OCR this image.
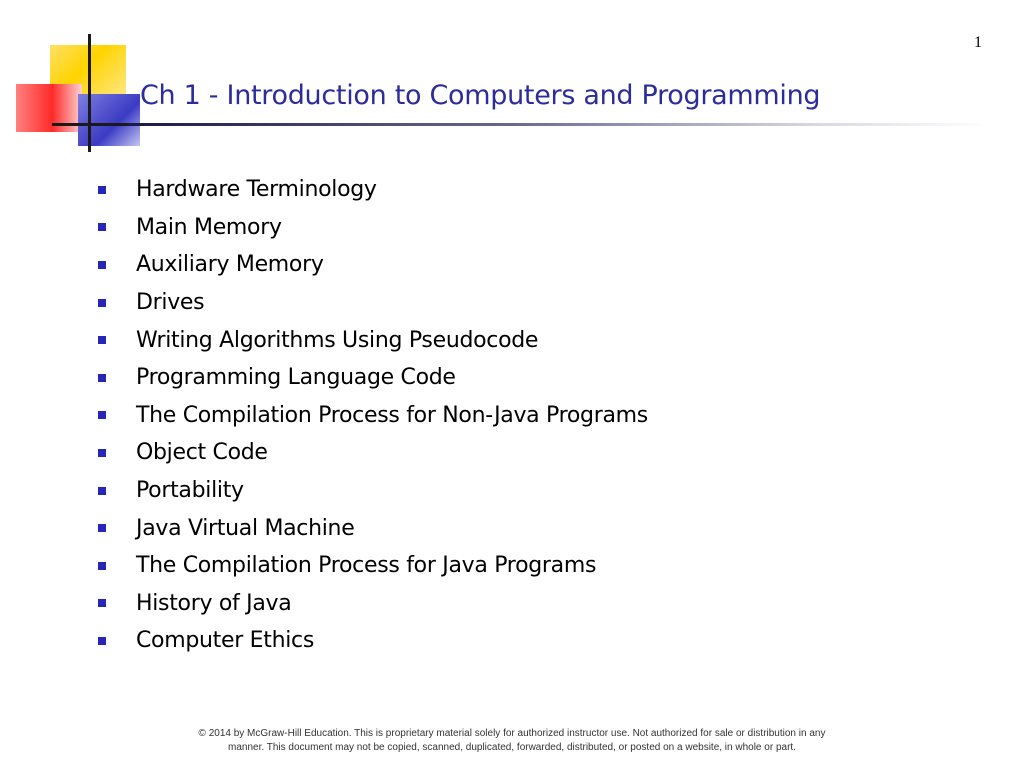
1
Ch 1 - Introduction to Computers and Programming
Hardware Terminology
Main Memory
Auxiliary Memory
Drives
Writing Algorithms Using Pseudocode
Programming Language Code
The Compilation Process for Non-Java Programs
Object Code
Portability
Java Virtual Machine
The Compilation Process for Java Programs
History of Java
Computer Ethics
© 2014 by McGraw-Hill Education. This is proprietary material solely for authorized instructor use. Not authorized for sale or distribution in any
manner. This document may not be copied, scanned, duplicated, forwarded, distributed, or posted on a website, in whole or part.
